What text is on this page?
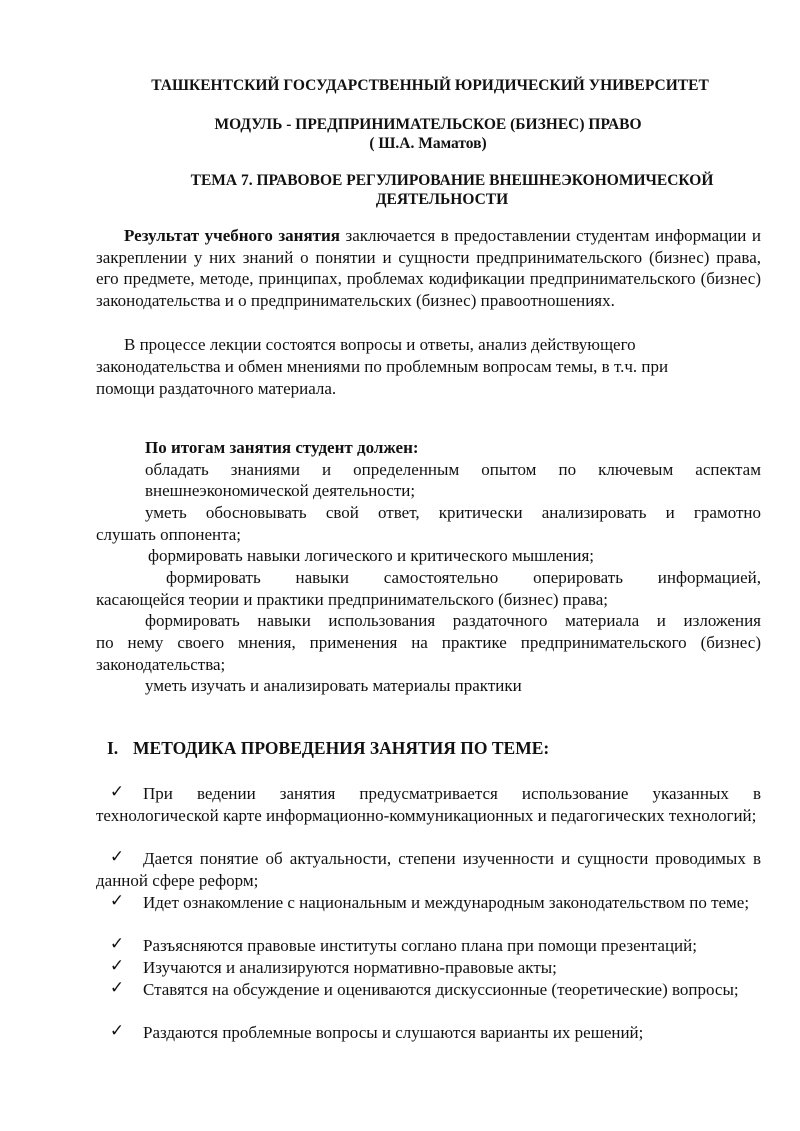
ТАШКЕНТСКИЙ ГОСУДАРСТВЕННЫЙ ЮРИДИЧЕСКИЙ УНИВЕРСИТЕТ
МОДУЛЬ - ПРЕДПРИНИМАТЕЛЬСКОЕ (БИЗНЕС) ПРАВО
( Ш.А. Маматов)
ТЕМА 7. ПРАВОВОЕ РЕГУЛИРОВАНИЕ ВНЕШНЕЭКОНОМИЧЕСКОЙ
ДЕЯТЕЛЬНОСТИ
Результат учебного занятия заключается в предоставлении студентам информации и закреплении у них знаний о понятии и сущности предпринимательского (бизнес) права, его предмете, методе, принципах, проблемах кодификации предпринимательского (бизнес) законодательства и о предпринимательских (бизнес) правоотношениях.
В процессе лекции состоятся вопросы и ответы, анализ действующего
законодательства и обмен мнениями по проблемным вопросам темы, в т.ч. при
помощи раздаточного материала.
По итогам занятия студент должен:
обладать знаниями и определенным опытом по ключевым аспектам
внешнеэкономической деятельности;
уметь обосновывать свой ответ, критически анализировать и грамотно
слушать оппонента;
формировать навыки логического и критического мышления;
формировать навыки самостоятельно оперировать информацией,
касающейся теории и практики предпринимательского (бизнес) права;
формировать навыки использования раздаточного материала и изложения
по нему своего мнения, применения на практике предпринимательского (бизнес)
законодательства;
уметь изучать и анализировать материалы практики
I. МЕТОДИКА ПРОВЕДЕНИЯ ЗАНЯТИЯ ПО ТЕМЕ:
✓	При ведении занятия предусматривается использование указанных в технологической карте информационно-коммуникационных и педагогических технологий;
✓	Дается понятие об актуальности, степени изученности и сущности проводимых в данной сфере реформ;
✓	Идет ознакомление с национальным и международным законодательством по теме;
✓	Разъясняются правовые институты соглано плана при помощи презентаций;
✓	Изучаются и анализируются нормативно-правовые акты;
✓	Ставятся на обсуждение и оцениваются дискуссионные (теоретические) вопросы;
✓	Раздаются проблемные вопросы и слушаются варианты их решений;
